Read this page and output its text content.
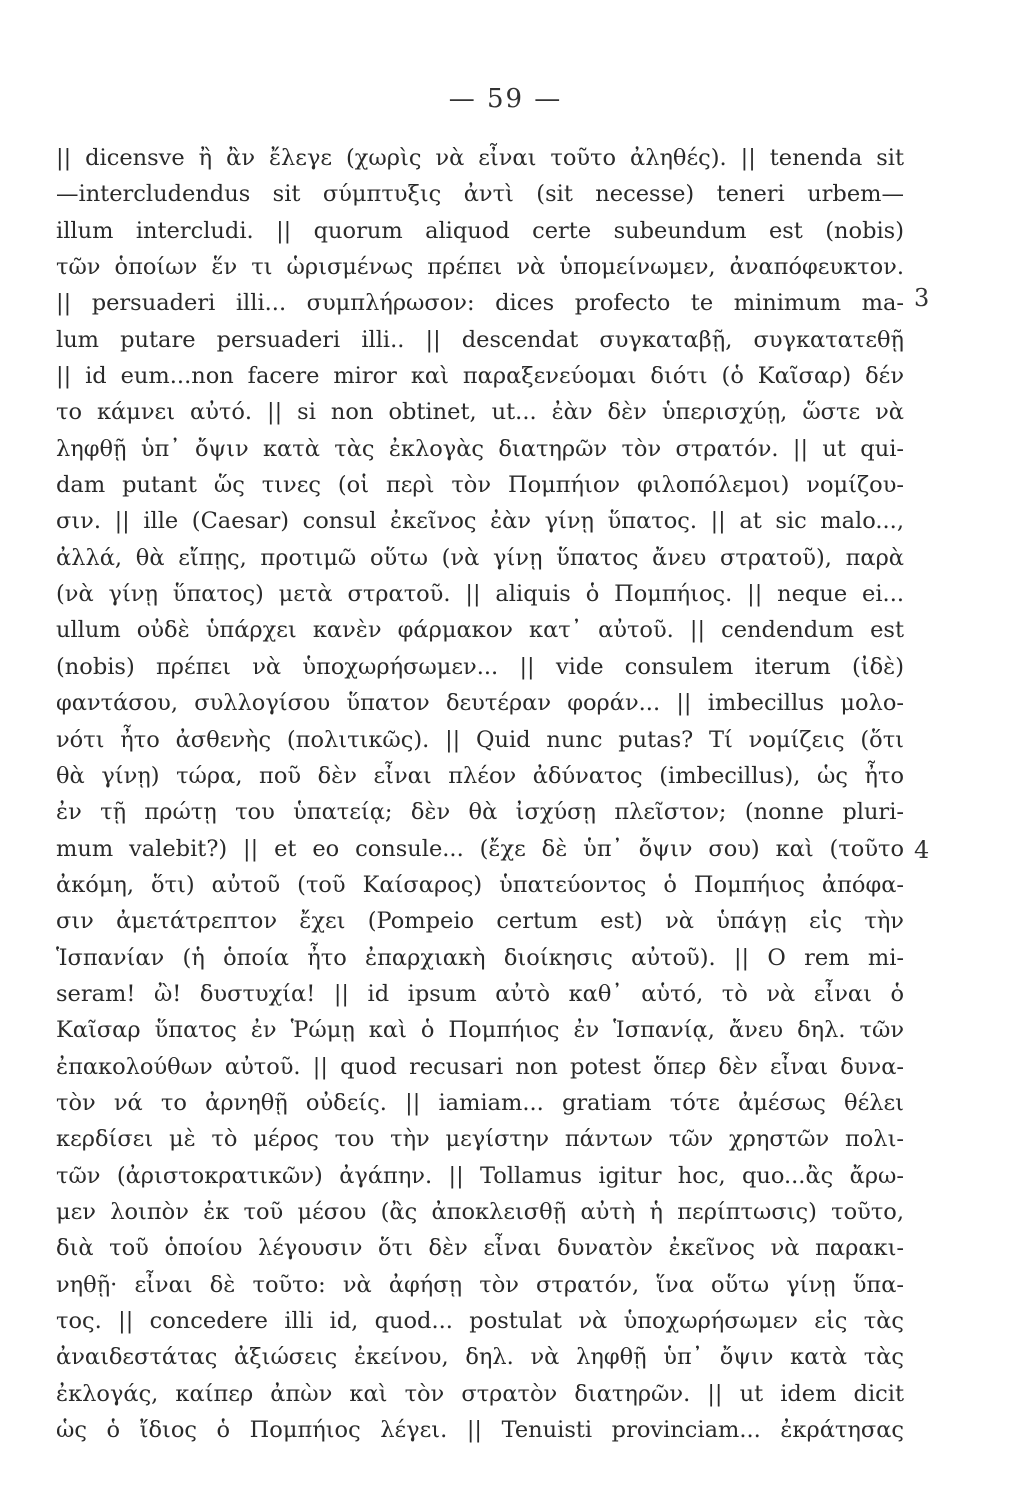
— 59 —
3
4
|| dicensve ἢ ἂν ἔλεγε (χωρὶς νὰ εἶναι τοῦτο ἀληθές). || tenenda sit
—intercludendus sit σύμπτυξις ἀντὶ (sit necesse) teneri urbem—
illum intercludi. || quorum aliquod certe subeundum est (nobis)
τῶν ὁποίων ἕν τι ὡρισμένως πρέπει νὰ ὑπομείνωμεν, ἀναπόφευκτον.
|| persuaderi illi... συμπλήρωσον: dices profecto te minimum ma-
lum putare persuaderi illi.. || descendat συγκαταβῇ, συγκατατεθῇ
|| id eum...non facere miror καὶ παραξενεύομαι διότι (ὁ Καῖσαρ) δέν
το κάμνει αὐτό. || si non obtinet, ut... ἐὰν δὲν ὑπερισχύῃ, ὥστε νὰ
ληφθῇ ὑπ᾽ ὄψιν κατὰ τὰς ἐκλογὰς διατηρῶν τὸν στρατόν. || ut qui-
dam putant ὥς τινες (οἱ περὶ τὸν Πομπήιον φιλοπόλεμοι) νομίζου-
σιν. || ille (Caesar) consul ἐκεῖνος ἐὰν γίνῃ ὕπατος. || at sic malo...,
ἀλλά, θὰ εἴπῃς, προτιμῶ οὕτω (νὰ γίνῃ ὕπατος ἄνευ στρατοῦ), παρὰ
(νὰ γίνῃ ὕπατος) μετὰ στρατοῦ. || aliquis ὁ Πομπήιος. || neque ei...
ullum οὐδὲ ὑπάρχει κανὲν φάρμακον κατ᾽ αὐτοῦ. || cendendum est
(nobis) πρέπει νὰ ὑποχωρήσωμεν... || vide consulem iterum (ἰδὲ)
φαντάσου, συλλογίσου ὕπατον δευτέραν φοράν... || imbecillus μολο-
νότι ἦτο ἀσθενὴς (πολιτικῶς). || Quid nunc putas? Τί νομίζεις (ὅτι
θὰ γίνῃ) τώρα, ποῦ δὲν εἶναι πλέον ἀδύνατος (imbecillus), ὡς ἦτο
ἐν τῇ πρώτῃ του ὑπατείᾳ; δὲν θὰ ἰσχύσῃ πλεῖστον; (nonne pluri-
mum valebit?) || et eo consule... (ἔχε δὲ ὑπ᾽ ὄψιν σου) καὶ (τοῦτο
ἀκόμη, ὅτι) αὐτοῦ (τοῦ Καίσαρος) ὑπατεύοντος ὁ Πομπήιος ἀπόφα-
σιν ἀμετάτρεπτον ἔχει (Pompeio certum est) νὰ ὑπάγῃ εἰς τὴν
Ἱσπανίαν (ἡ ὁποία ἦτο ἐπαρχιακὴ διοίκησις αὐτοῦ). || O rem mi-
seram! ὢ! δυστυχία! || id ipsum αὐτὸ καθ᾽ αὑτό, τὸ νὰ εἶναι ὁ
Καῖσαρ ὕπατος ἐν Ῥώμῃ καὶ ὁ Πομπήιος ἐν Ἱσπανίᾳ, ἄνευ δηλ. τῶν
ἐπακολούθων αὐτοῦ. || quod recusari non potest ὅπερ δὲν εἶναι δυνα-
τὸν νά το ἀρνηθῇ οὐδείς. || iamiam... gratiam τότε ἀμέσως θέλει
κερδίσει μὲ τὸ μέρος του τὴν μεγίστην πάντων τῶν χρηστῶν πολι-
τῶν (ἀριστοκρατικῶν) ἀγάπην. || Tollamus igitur hoc, quo...ἂς ἄρω-
μεν λοιπὸν ἐκ τοῦ μέσου (ἂς ἀποκλεισθῇ αὐτὴ ἡ περίπτωσις) τοῦτο,
διὰ τοῦ ὁποίου λέγουσιν ὅτι δὲν εἶναι δυνατὸν ἐκεῖνος νὰ παρακι-
νηθῇ· εἶναι δὲ τοῦτο: νὰ ἀφήσῃ τὸν στρατόν, ἵνα οὕτω γίνῃ ὕπα-
τος. || concedere illi id, quod... postulat νὰ ὑποχωρήσωμεν εἰς τὰς
ἀναιδεστάτας ἀξιώσεις ἐκείνου, δηλ. νὰ ληφθῇ ὑπ᾽ ὄψιν κατὰ τὰς
ἐκλογάς, καίπερ ἀπὼν καὶ τὸν στρατὸν διατηρῶν. || ut idem dicit
ὡς ὁ ἴδιος ὁ Πομπήιος λέγει. || Tenuisti provinciam... ἐκράτησας
